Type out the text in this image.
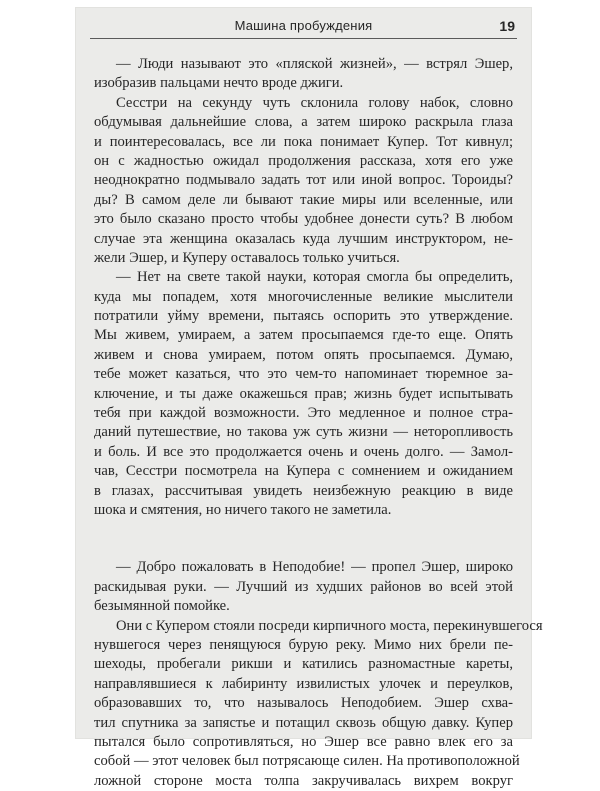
Машина пробуждения	19
— Люди называют это «пляской жизней», — встрял Эшер,
изобразив пальцами нечто вроде джиги.
Сесстри на секунду чуть склонила голову набок, словно
обдумывая дальнейшие слова, а затем широко раскрыла глаза
и поинтересовалась, все ли пока понимает Купер. Тот кивнул;
он с жадностью ожидал продолжения рассказа, хотя его уже
неоднократно подмывало задать тот или иной вопрос. Тороиды?
ды? В самом деле ли бывают такие миры или вселенные, или
это было сказано просто чтобы удобнее донести суть? В любом
случае эта женщина оказалась куда лучшим инструктором, не-
жели Эшер, и Куперу оставалось только учиться.
— Нет на свете такой науки, которая смогла бы определить,
куда мы попадем, хотя многочисленные великие мыслители
потратили уйму времени, пытаясь оспорить это утверждение.
Мы живем, умираем, а затем просыпаемся где-то еще. Опять
живем и снова умираем, потом опять просыпаемся. Думаю,
тебе может казаться, что это чем-то напоминает тюремное за-
ключение, и ты даже окажешься прав; жизнь будет испытывать
тебя при каждой возможности. Это медленное и полное стра-
даний путешествие, но такова уж суть жизни — неторопливость
и боль. И все это продолжается очень и очень долго. — Замол-
чав, Сесстри посмотрела на Купера с сомнением и ожиданием
в глазах, рассчитывая увидеть неизбежную реакцию в виде
шока и смятения, но ничего такого не заметила.
— Добро пожаловать в Неподобие! — пропел Эшер, широко
раскидывая руки. — Лучший из худших районов во всей этой
безымянной помойке.
Они с Купером стояли посреди кирпичного моста, перекинувшегося
нувшегося через пенящуюся бурую реку. Мимо них брели пе-
шеходы, пробегали рикши и катились разномастные кареты,
направлявшиеся к лабиринту извилистых улочек и переулков,
образовавших то, что называлось Неподобием. Эшер схва-
тил спутника за запястье и потащил сквозь общую давку. Купер
пытался было сопротивляться, но Эшер все равно влек его за
собой — этот человек был потрясающе силен. На противоположной
ложной стороне моста толпа закручивалась вихрем вокруг
